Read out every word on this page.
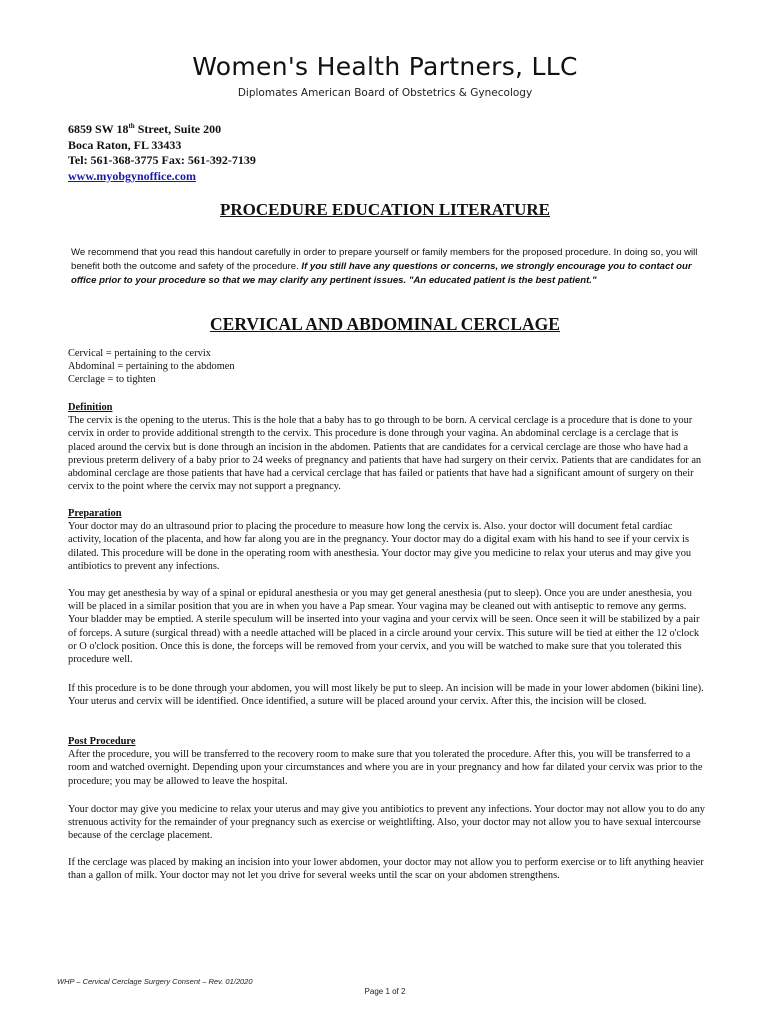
Women's Health Partners, LLC
Diplomates American Board of Obstetrics & Gynecology
6859 SW 18th Street, Suite 200
Boca Raton, FL 33433
Tel: 561-368-3775 Fax: 561-392-7139
www.myobgynoffice.com
PROCEDURE EDUCATION LITERATURE
We recommend that you read this handout carefully in order to prepare yourself or family members for the proposed procedure. In doing so, you will benefit both the outcome and safety of the procedure. If you still have any questions or concerns, we strongly encourage you to contact our office prior to your procedure so that we may clarify any pertinent issues. "An educated patient is the best patient."
CERVICAL AND ABDOMINAL CERCLAGE
Cervical = pertaining to the cervix
Abdominal = pertaining to the abdomen
Cerclage = to tighten
Definition
The cervix is the opening to the uterus. This is the hole that a baby has to go through to be born. A cervical cerclage is a procedure that is done to your cervix in order to provide additional strength to the cervix. This procedure is done through your vagina. An abdominal cerclage is a cerclage that is placed around the cervix but is done through an incision in the abdomen. Patients that are candidates for a cervical cerclage are those who have had a previous preterm delivery of a baby prior to 24 weeks of pregnancy and patients that have had surgery on their cervix. Patients that are candidates for an abdominal cerclage are those patients that have had a cervical cerclage that has failed or patients that have had a significant amount of surgery on their cervix to the point where the cervix may not support a pregnancy.
Preparation
Your doctor may do an ultrasound prior to placing the procedure to measure how long the cervix is. Also. your doctor will document fetal cardiac activity, location of the placenta, and how far along you are in the pregnancy. Your doctor may do a digital exam with his hand to see if your cervix is dilated. This procedure will be done in the operating room with anesthesia. Your doctor may give you medicine to relax your uterus and may give you antibiotics to prevent any infections.
You may get anesthesia by way of a spinal or epidural anesthesia or you may get general anesthesia (put to sleep). Once you are under anesthesia, you will be placed in a similar position that you are in when you have a Pap smear. Your vagina may be cleaned out with antiseptic to remove any germs. Your bladder may be emptied. A sterile speculum will be inserted into your vagina and your cervix will be seen. Once seen it will be stabilized by a pair of forceps. A suture (surgical thread) with a needle attached will be placed in a circle around your cervix. This suture will be tied at either the 12 o'clock or O o'clock position. Once this is done, the forceps will be removed from your cervix, and you will be watched to make sure that you tolerated this procedure well.
If this procedure is to be done through your abdomen, you will most likely be put to sleep. An incision will be made in your lower abdomen (bikini line). Your uterus and cervix will be identified. Once identified, a suture will be placed around your cervix. After this, the incision will be closed.
Post Procedure
After the procedure, you will be transferred to the recovery room to make sure that you tolerated the procedure. After this, you will be transferred to a room and watched overnight. Depending upon your circumstances and where you are in your pregnancy and how far dilated your cervix was prior to the procedure; you may be allowed to leave the hospital.
Your doctor may give you medicine to relax your uterus and may give you antibiotics to prevent any infections. Your doctor may not allow you to do any strenuous activity for the remainder of your pregnancy such as exercise or weightlifting. Also, your doctor may not allow you to have sexual intercourse because of the cerclage placement.
If the cerclage was placed by making an incision into your lower abdomen, your doctor may not allow you to perform exercise or to lift anything heavier than a gallon of milk. Your doctor may not let you drive for several weeks until the scar on your abdomen strengthens.
WHP – Cervical Cerclage Surgery Consent – Rev. 01/2020
Page 1 of 2
